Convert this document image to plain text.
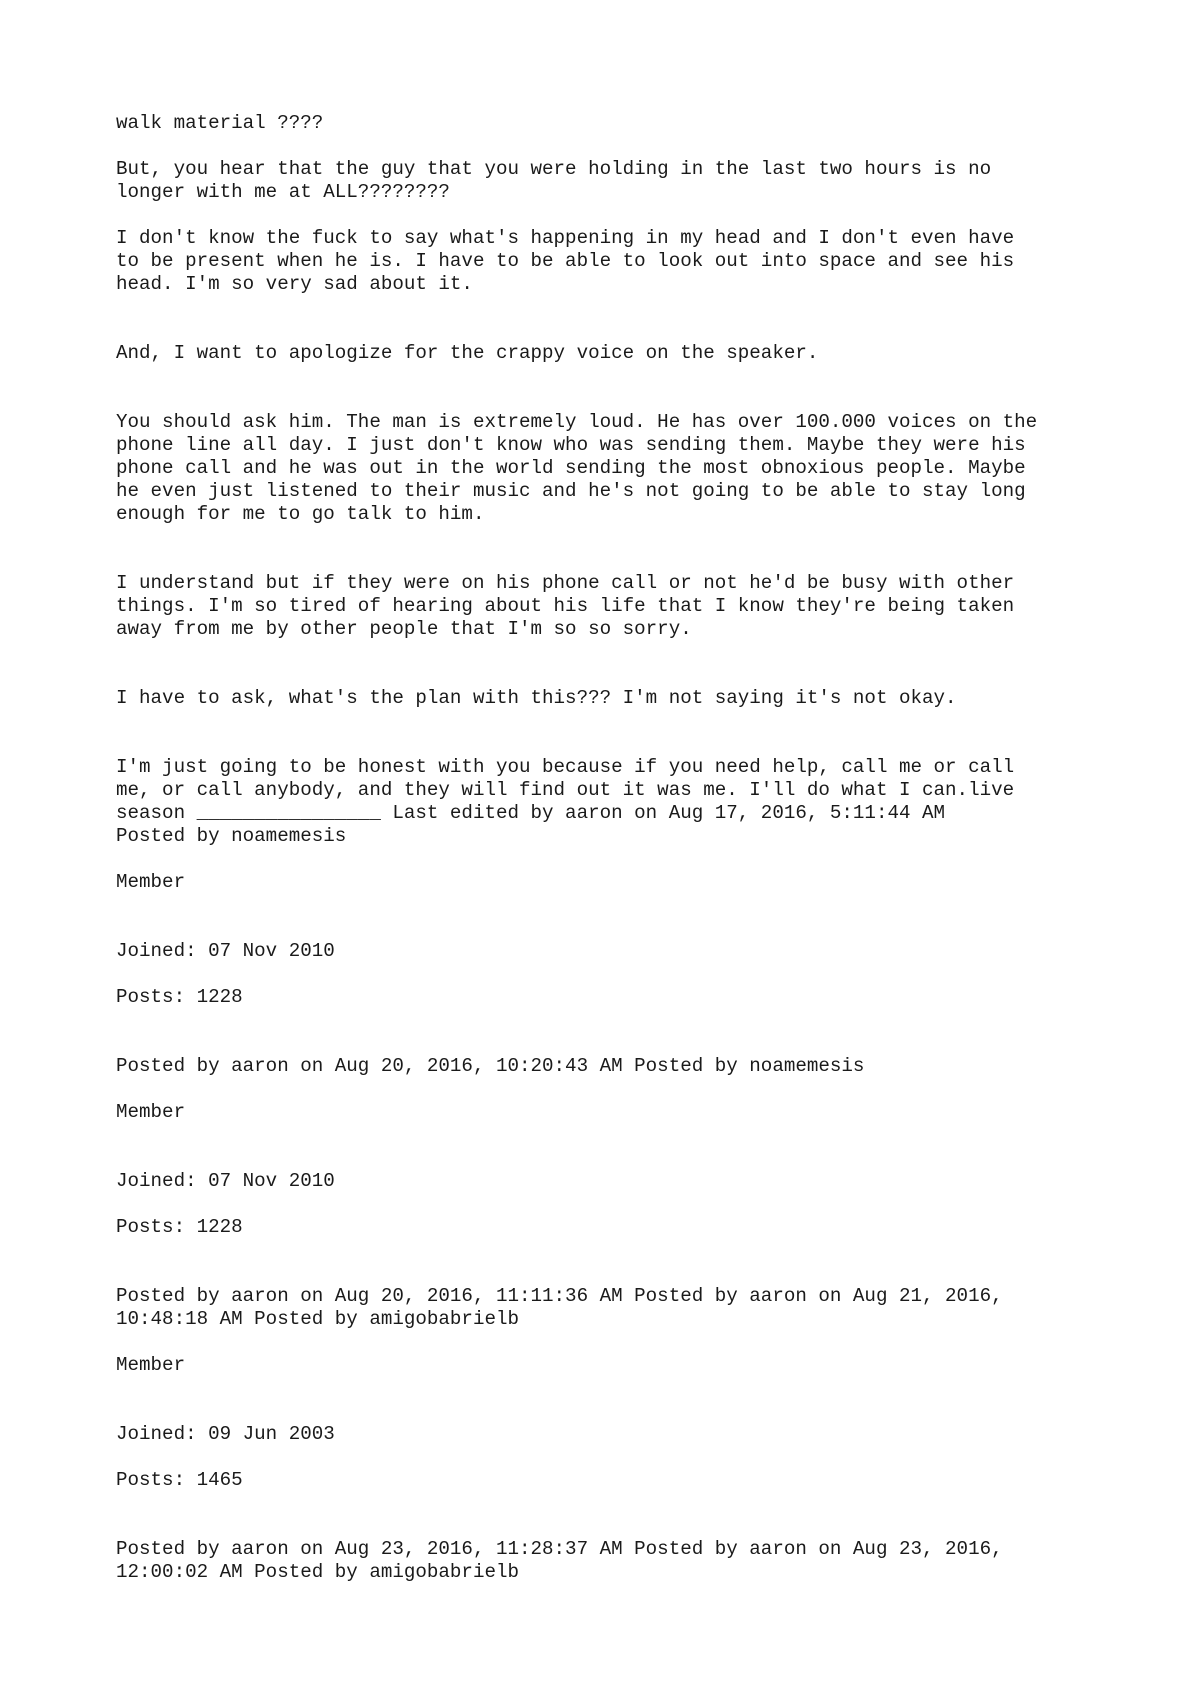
walk material ????

But, you hear that the guy that you were holding in the last two hours is no
longer with me at ALL????????

I don't know the fuck to say what's happening in my head and I don't even have
to be present when he is. I have to be able to look out into space and see his
head. I'm so very sad about it.

And, I want to apologize for the crappy voice on the speaker.

You should ask him. The man is extremely loud. He has over 100.000 voices on the
phone line all day. I just don't know who was sending them. Maybe they were his
phone call and he was out in the world sending the most obnoxious people. Maybe
he even just listened to their music and he's not going to be able to stay long
enough for me to go talk to him.

I understand but if they were on his phone call or not he'd be busy with other
things. I'm so tired of hearing about his life that I know they're being taken
away from me by other people that I'm so so sorry.

I have to ask, what's the plan with this??? I'm not saying it's not okay.

I'm just going to be honest with you because if you need help, call me or call
me, or call anybody, and they will find out it was me. I'll do what I can.live
season ________________ Last edited by aaron on Aug 17, 2016, 5:11:44 AM
Posted by noamemesis

Member

Joined: 07 Nov 2010

Posts: 1228

Posted by aaron on Aug 20, 2016, 10:20:43 AM Posted by noamemesis

Member

Joined: 07 Nov 2010

Posts: 1228

Posted by aaron on Aug 20, 2016, 11:11:36 AM Posted by aaron on Aug 21, 2016,
10:48:18 AM Posted by amigobabrielb

Member

Joined: 09 Jun 2003

Posts: 1465

Posted by aaron on Aug 23, 2016, 11:28:37 AM Posted by aaron on Aug 23, 2016,
12:00:02 AM Posted by amigobabrielb
